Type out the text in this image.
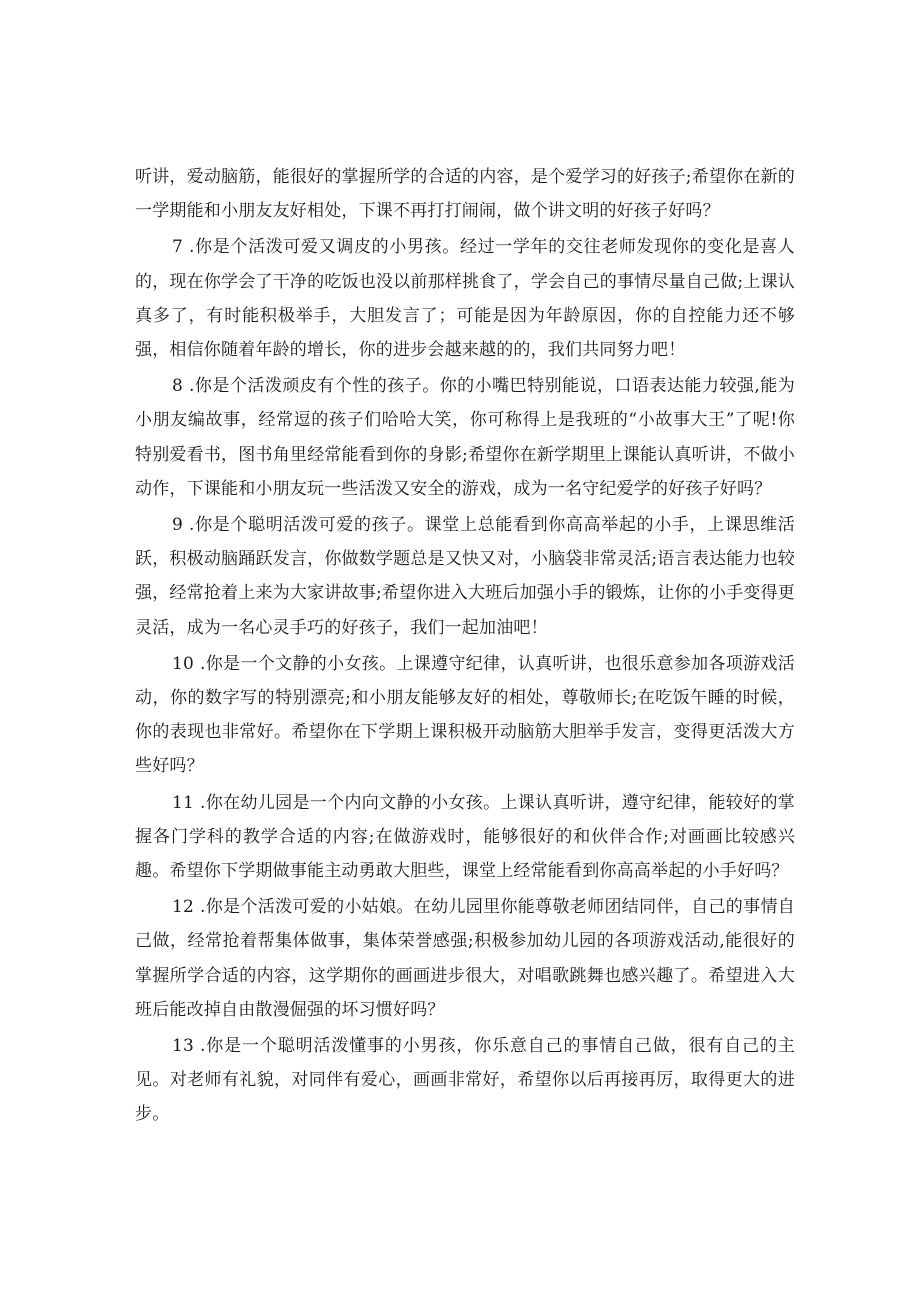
听讲，爱动脑筋，能很好的掌握所学的合适的内容，是个爱学习的好孩子;希望你在新的一学期能和小朋友友好相处，下课不再打打闹闹，做个讲文明的好孩子好吗？

7 .你是个活泼可爱又调皮的小男孩。经过一学年的交往老师发现你的变化是喜人的，现在你学会了干净的吃饭也没以前那样挑食了，学会自己的事情尽量自己做;上课认真多了，有时能积极举手，大胆发言了；可能是因为年龄原因，你的自控能力还不够强，相信你随着年龄的增长，你的进步会越来越的的，我们共同努力吧！

8 .你是个活泼顽皮有个性的孩子。你的小嘴巴特别能说，口语表达能力较强,能为小朋友编故事，经常逗的孩子们哈哈大笑，你可称得上是我班的“小故事大王”了呢!你特别爱看书，图书角里经常能看到你的身影;希望你在新学期里上课能认真听讲，不做小动作，下课能和小朋友玩一些活泼又安全的游戏，成为一名守纪爱学的好孩子好吗？

9 .你是个聪明活泼可爱的孩子。课堂上总能看到你高高举起的小手，上课思维活跃，积极动脑踊跃发言，你做数学题总是又快又对，小脑袋非常灵活;语言表达能力也较强，经常抢着上来为大家讲故事;希望你进入大班后加强小手的锻炼，让你的小手变得更灵活，成为一名心灵手巧的好孩子，我们一起加油吧！

10 .你是一个文静的小女孩。上课遵守纪律，认真听讲，也很乐意参加各项游戏活动，你的数字写的特别漂亮;和小朋友能够友好的相处，尊敬师长;在吃饭午睡的时候，你的表现也非常好。希望你在下学期上课积极开动脑筋大胆举手发言，变得更活泼大方些好吗？

11 .你在幼儿园是一个内向文静的小女孩。上课认真听讲，遵守纪律，能较好的掌握各门学科的教学合适的内容;在做游戏时，能够很好的和伙伴合作;对画画比较感兴趣。希望你下学期做事能主动勇敢大胆些，课堂上经常能看到你高高举起的小手好吗？

12 .你是个活泼可爱的小姑娘。在幼儿园里你能尊敬老师团结同伴，自己的事情自己做，经常抢着帮集体做事，集体荣誉感强;积极参加幼儿园的各项游戏活动,能很好的掌握所学合适的内容，这学期你的画画进步很大，对唱歌跳舞也感兴趣了。希望进入大班后能改掉自由散漫倔强的坏习惯好吗？

13 .你是一个聪明活泼懂事的小男孩，你乐意自己的事情自己做，很有自己的主见。对老师有礼貌，对同伴有爱心，画画非常好，希望你以后再接再厉，取得更大的进步。
